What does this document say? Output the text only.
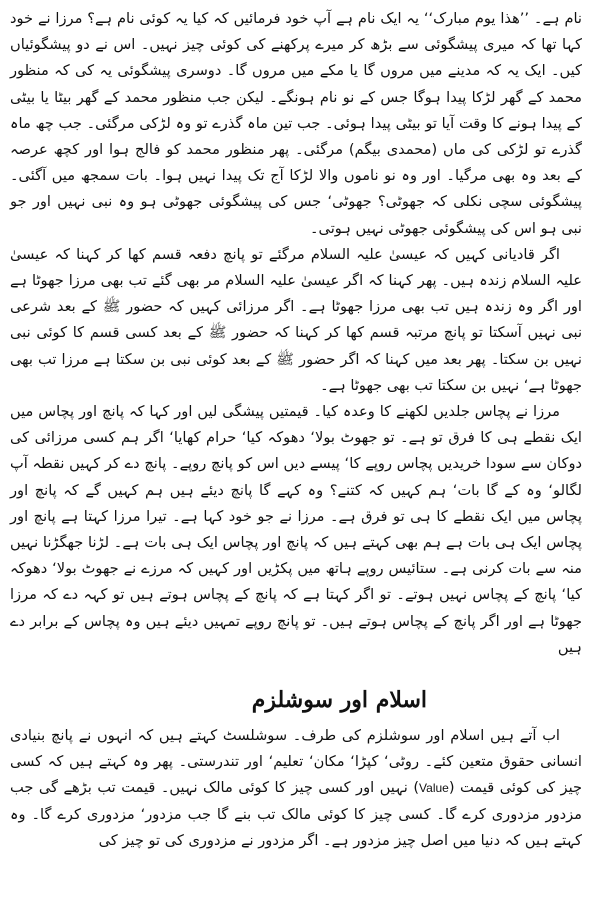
نام ہے۔ ’’ھذا یوم مبارک‘‘ یہ ایک نام ہے آپ خود فرمائیں کہ کیا یہ کوئی نام ہے؟ مرزا نے خود کہا تھا کہ میری پیشگوئی سے بڑھ کر میرے پرکھنے کی کوئی چیز نہیں۔ اس نے دو پیشگوئیاں کیں۔ ایک یہ کہ مدینے میں مروں گا یا مکے میں مروں گا۔ دوسری پیشگوئی یہ کی کہ منظور محمد کے گھر لڑکا پیدا ہوگا جس کے نو نام ہونگے۔ لیکن جب منظور محمد کے گھر بیٹا یا بیٹی کے پیدا ہونے کا وقت آیا تو بیٹی پیدا ہوئی۔ جب تین ماہ گذرے تو وہ لڑکی مرگئی۔ جب چھ ماہ گذرے تو لڑکی کی ماں (محمدی بیگم) مرگئی۔ پھر منظور محمد کو فالج ہوا اور کچھ عرصہ کے بعد وہ بھی مرگیا۔ اور وہ نو ناموں والا لڑکا آج تک پیدا نہیں ہوا۔ بات سمجھ میں آگئی۔ پیشگوئی سچی نکلی کہ جھوٹی؟ جھوٹی‘ جس کی پیشگوئی جھوٹی ہو وہ نبی نہیں اور جو نبی ہو اس کی پیشگوئی جھوٹی نہیں ہوتی۔

اگر قادیانی کہیں کہ عیسیٰ علیہ السلام مرگئے تو پانچ دفعہ قسم کھا کر کہنا کہ عیسیٰ علیہ السلام زندہ ہیں۔ پھر کہنا کہ اگر عیسیٰ علیہ السلام مر بھی گئے تب بھی مرزا جھوٹا ہے اور اگر وہ زندہ ہیں تب بھی مرزا جھوٹا ہے۔ اگر مرزائی کہیں کہ حضور ﷺ کے بعد شرعی نبی نہیں آسکتا تو پانچ مرتبہ قسم کھا کر کہنا کہ حضور ﷺ کے بعد کسی قسم کا کوئی نبی نہیں بن سکتا۔ پھر بعد میں کہنا کہ اگر حضور ﷺ کے بعد کوئی نبی بن سکتا ہے مرزا تب بھی جھوٹا ہے‘ نہیں بن سکتا تب بھی جھوٹا ہے۔

مرزا نے پچاس جلدیں لکھنے کا وعدہ کیا۔ قیمتیں پیشگی لیں اور کہا کہ پانچ اور پچاس میں ایک نقطے ہی کا فرق تو ہے۔ تو جھوٹ بولا‘ دھوکہ کیا‘ حرام کھایا‘ اگر ہم کسی مرزائی کی دوکان سے سودا خریدیں پچاس روپے کا‘ پیسے دیں اس کو پانچ روپے۔ پانچ دے کر کہیں نقطہ آپ لگالو‘ وہ کے گا بات‘ ہم کہیں کہ کتنے؟ وہ کہے گا پانچ دیئے ہیں ہم کہیں گے کہ پانچ اور پچاس میں ایک نقطے کا ہی تو فرق ہے۔ مرزا نے جو خود کہا ہے۔ تیرا مرزا کہتا ہے پانچ اور پچاس ایک ہی بات ہے ہم بھی کہتے ہیں کہ پانچ اور پچاس ایک ہی بات ہے۔ لڑنا جھگڑنا نہیں منہ سے بات کرنی ہے۔ ستائیس روپے ہاتھ میں پکڑیں اور کہیں کہ مرزے نے جھوٹ بولا‘ دھوکہ کیا‘ پانچ کے پچاس نہیں ہوتے۔ تو اگر کہتا ہے کہ پانچ کے پچاس ہوتے ہیں تو کہہ دے کہ مرزا جھوٹا ہے اور اگر پانچ کے پچاس ہوتے ہیں۔ تو پانچ روپے تمہیں دیئے ہیں وہ پچاس کے برابر دے ہیں

اسلام اور سوشلزم

اب آتے ہیں اسلام اور سوشلزم کی طرف۔ سوشلسٹ کہتے ہیں کہ انہوں نے پانچ بنیادی انسانی حقوق متعین کئے۔ روٹی‘ کپڑا‘ مکان‘ تعلیم‘ اور تندرستی۔ پھر وہ کہتے ہیں کہ کسی چیز کی کوئی قیمت (Value) نہیں اور کسی چیز کا کوئی مالک نہیں۔ قیمت تب بڑھے گی جب مزدور مزدوری کرے گا۔ کسی چیز کا کوئی مالک تب بنے گا جب مزدور‘ مزدوری کرے گا۔ وہ کہتے ہیں کہ دنیا میں اصل چیز مزدور ہے۔ اگر مزدور نے مزدوری کی تو چیز کی
